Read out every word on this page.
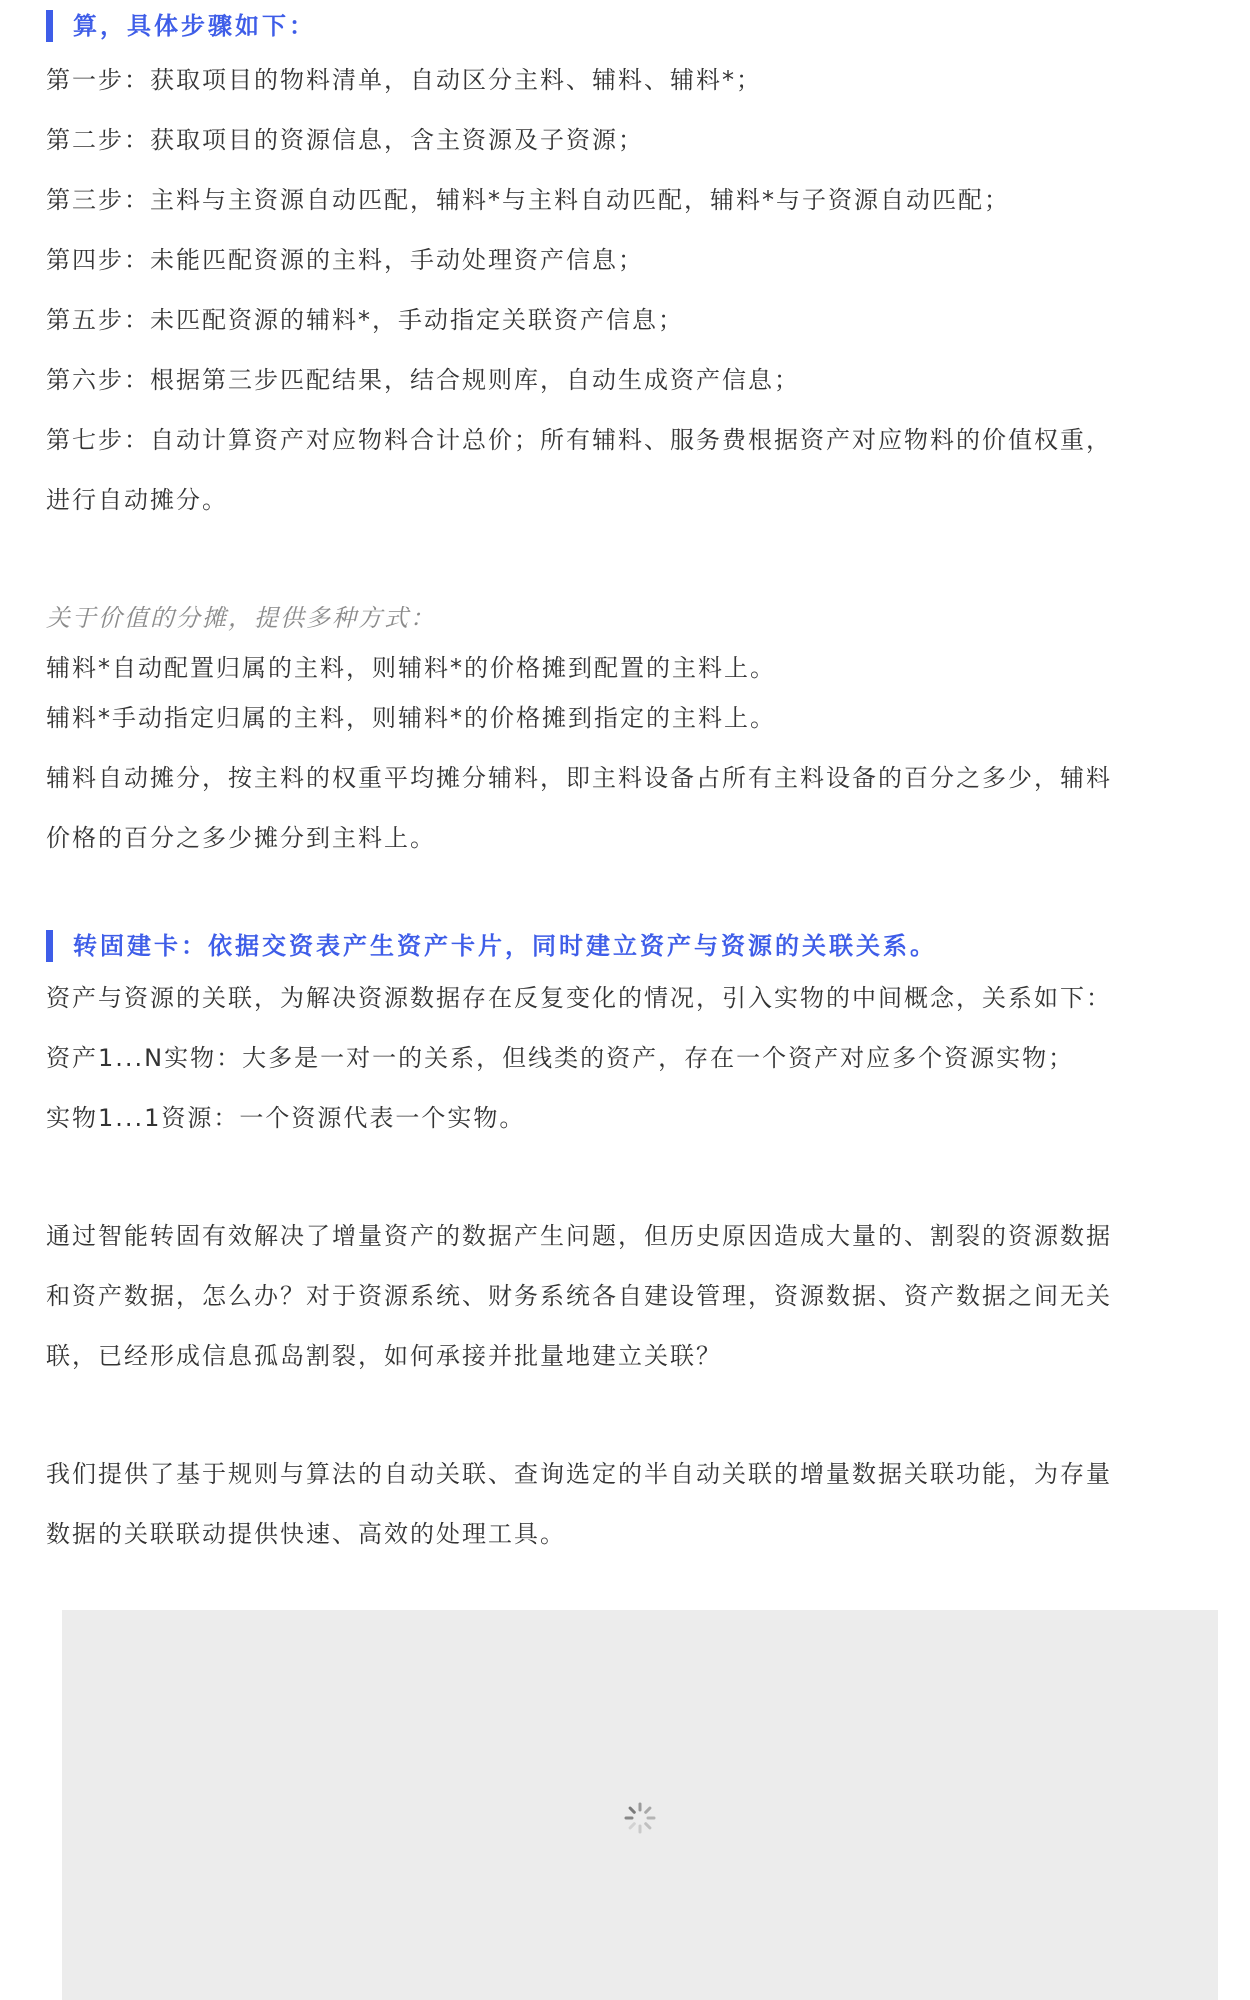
算，具体步骤如下：
第一步：获取项目的物料清单，自动区分主料、辅料、辅料*；
第二步：获取项目的资源信息，含主资源及子资源；
第三步：主料与主资源自动匹配，辅料*与主料自动匹配，辅料*与子资源自动匹配；
第四步：未能匹配资源的主料，手动处理资产信息；
第五步：未匹配资源的辅料*，手动指定关联资产信息；
第六步：根据第三步匹配结果，结合规则库，自动生成资产信息；
第七步：自动计算资产对应物料合计总价；所有辅料、服务费根据资产对应物料的价值权重，
进行自动摊分。
关于价值的分摊，提供多种方式：
辅料*自动配置归属的主料，则辅料*的价格摊到配置的主料上。
辅料*手动指定归属的主料，则辅料*的价格摊到指定的主料上。
辅料自动摊分，按主料的权重平均摊分辅料，即主料设备占所有主料设备的百分之多少，辅料
价格的百分之多少摊分到主料上。
转固建卡：依据交资表产生资产卡片，同时建立资产与资源的关联关系。
资产与资源的关联，为解决资源数据存在反复变化的情况，引入实物的中间概念，关系如下：
资产1...N实物：大多是一对一的关系，但线类的资产，存在一个资产对应多个资源实物；
实物1...1资源：一个资源代表一个实物。
通过智能转固有效解决了增量资产的数据产生问题，但历史原因造成大量的、割裂的资源数据
和资产数据，怎么办？对于资源系统、财务系统各自建设管理，资源数据、资产数据之间无关
联，已经形成信息孤岛割裂，如何承接并批量地建立关联？
我们提供了基于规则与算法的自动关联、查询选定的半自动关联的增量数据关联功能，为存量
数据的关联联动提供快速、高效的处理工具。
